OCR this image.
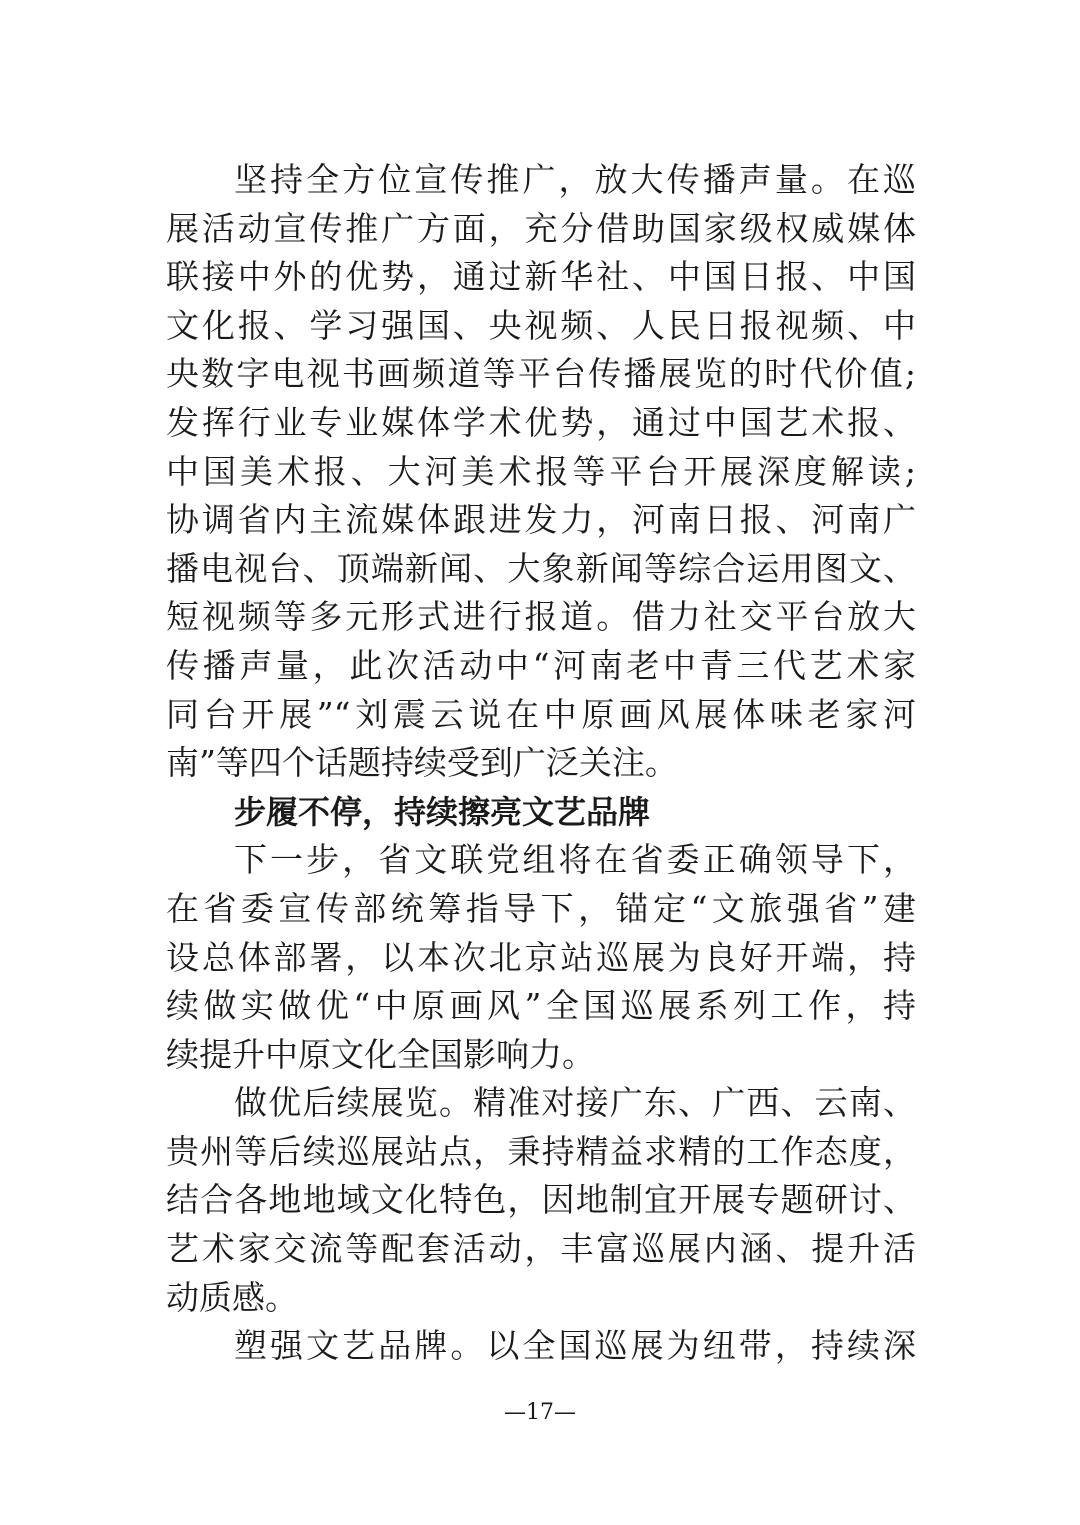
坚持全方位宣传推广，放大传播声量。在巡
展活动宣传推广方面，充分借助国家级权威媒体
联接中外的优势，通过新华社、中国日报、中国
文化报、学习强国、央视频、人民日报视频、中
央数字电视书画频道等平台传播展览的时代价值;
发挥行业专业媒体学术优势，通过中国艺术报、
中国美术报、大河美术报等平台开展深度解读;
协调省内主流媒体跟进发力，河南日报、河南广
播电视台、顶端新闻、大象新闻等综合运用图文、
短视频等多元形式进行报道。借力社交平台放大
传播声量，此次活动中“河南老中青三代艺术家
同台开展”“刘震云说在中原画风展体味老家河
南”等四个话题持续受到广泛关注。
步履不停，持续擦亮文艺品牌
下一步，省文联党组将在省委正确领导下，
在省委宣传部统筹指导下，锚定“文旅强省”建
设总体部署，以本次北京站巡展为良好开端，持
续做实做优“中原画风”全国巡展系列工作，持
续提升中原文化全国影响力。
做优后续展览。精准对接广东、广西、云南、
贵州等后续巡展站点，秉持精益求精的工作态度，
结合各地地域文化特色，因地制宜开展专题研讨、
艺术家交流等配套活动，丰富巡展内涵、提升活
动质感。
塑强文艺品牌。以全国巡展为纽带，持续深
—17—
